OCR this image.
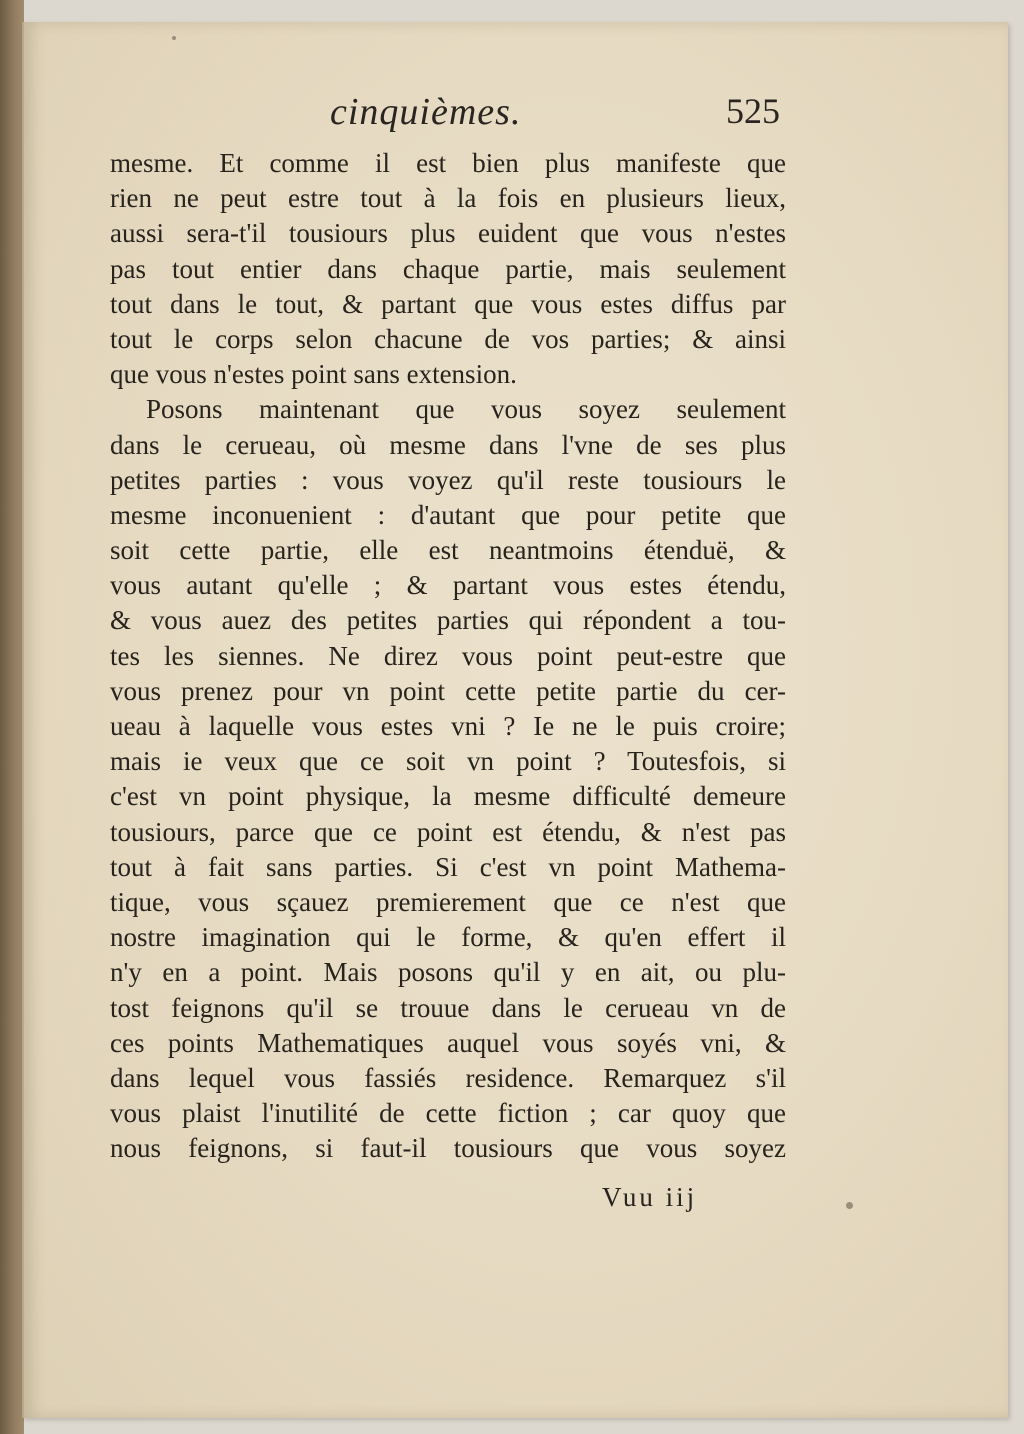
cinquièmes.	525
mesme. Et comme il est bien plus manifeste que
rien ne peut estre tout à la fois en plusieurs lieux,
aussi sera-t'il tousiours plus euident que vous n'estes
pas tout entier dans chaque partie, mais seulement
tout dans le tout, & partant que vous estes diffus par
tout le corps selon chacune de vos parties; & ainsi
que vous n'estes point sans extension.
Posons maintenant que vous soyez seulement
dans le cerueau, où mesme dans l'vne de ses plus
petites parties : vous voyez qu'il reste tousiours le
mesme inconuenient : d'autant que pour petite que
soit cette partie, elle est neantmoins étenduë, &
vous autant qu'elle ; & partant vous estes étendu,
& vous auez des petites parties qui répondent a tou-
tes les siennes. Ne direz vous point peut-estre que
vous prenez pour vn point cette petite partie du cer-
ueau à laquelle vous estes vni ? Ie ne le puis croire;
mais ie veux que ce soit vn point ? Toutesfois, si
c'est vn point physique, la mesme difficulté demeure
tousiours, parce que ce point est étendu, & n'est pas
tout à fait sans parties. Si c'est vn point Mathema-
tique, vous sçauez premierement que ce n'est que
nostre imagination qui le forme, & qu'en effert il
n'y en a point. Mais posons qu'il y en ait, ou plu-
tost feignons qu'il se trouue dans le cerueau vn de
ces points Mathematiques auquel vous soyés vni, &
dans lequel vous fassiés residence. Remarquez s'il
vous plaist l'inutilité de cette fiction ; car quoy que
nous feignons, si faut-il tousiours que vous soyez
Vuu iij
